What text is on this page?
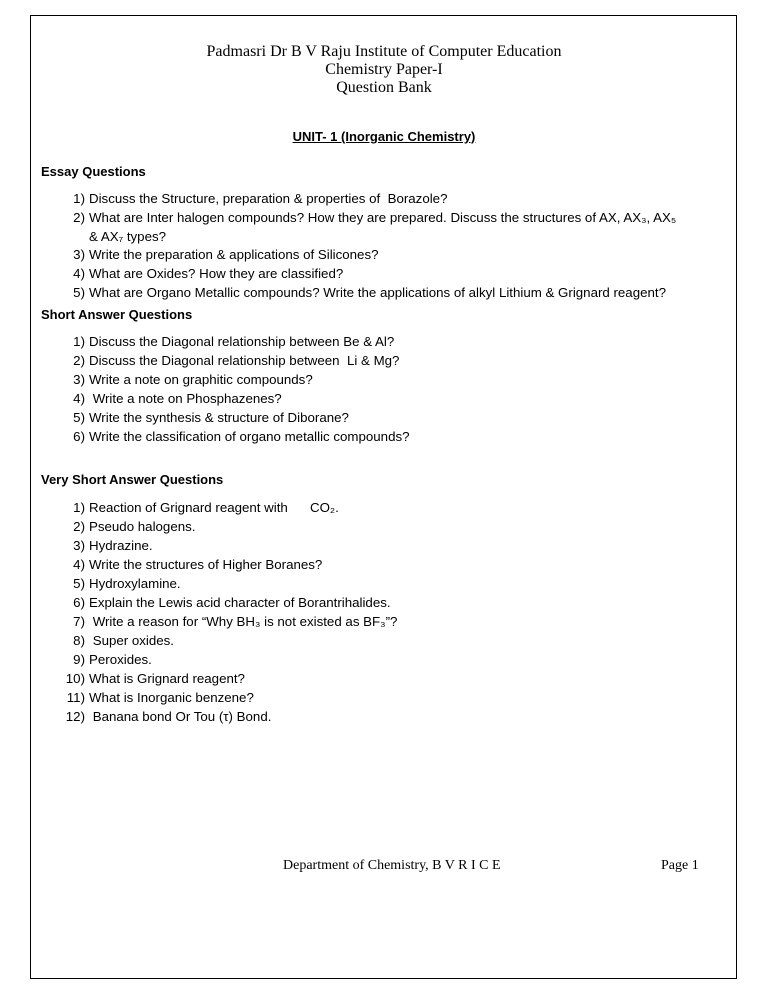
Padmasri Dr B V Raju Institute of Computer Education
Chemistry Paper-I
Question Bank
UNIT- 1 (Inorganic Chemistry)
Essay Questions
1) Discuss the Structure, preparation & properties of  Borazole?
2) What are Inter halogen compounds? How they are prepared. Discuss the structures of AX, AX₃, AX₅
& AX₇ types?
3) Write the preparation & applications of Silicones?
4) What are Oxides? How they are classified?
5) What are Organo Metallic compounds? Write the applications of alkyl Lithium & Grignard reagent?
Short Answer Questions
1) Discuss the Diagonal relationship between Be & Al?
2) Discuss the Diagonal relationship between  Li & Mg?
3) Write a note on graphitic compounds?
4) Write a note on Phosphazenes?
5) Write the synthesis & structure of Diborane?
6) Write the classification of organo metallic compounds?
Very Short Answer Questions
1) Reaction of Grignard reagent with      CO₂.
2) Pseudo halogens.
3) Hydrazine.
4) Write the structures of Higher Boranes?
5) Hydroxylamine.
6) Explain the Lewis acid character of Borantrihalides.
7) Write a reason for “Why BH₃ is not existed as BF₃”?
8) Super oxides.
9) Peroxides.
10) What is Grignard reagent?
11) What is Inorganic benzene?
12) Banana bond Or Tou (τ) Bond.
Department of Chemistry, B V R I C E	Page 1
